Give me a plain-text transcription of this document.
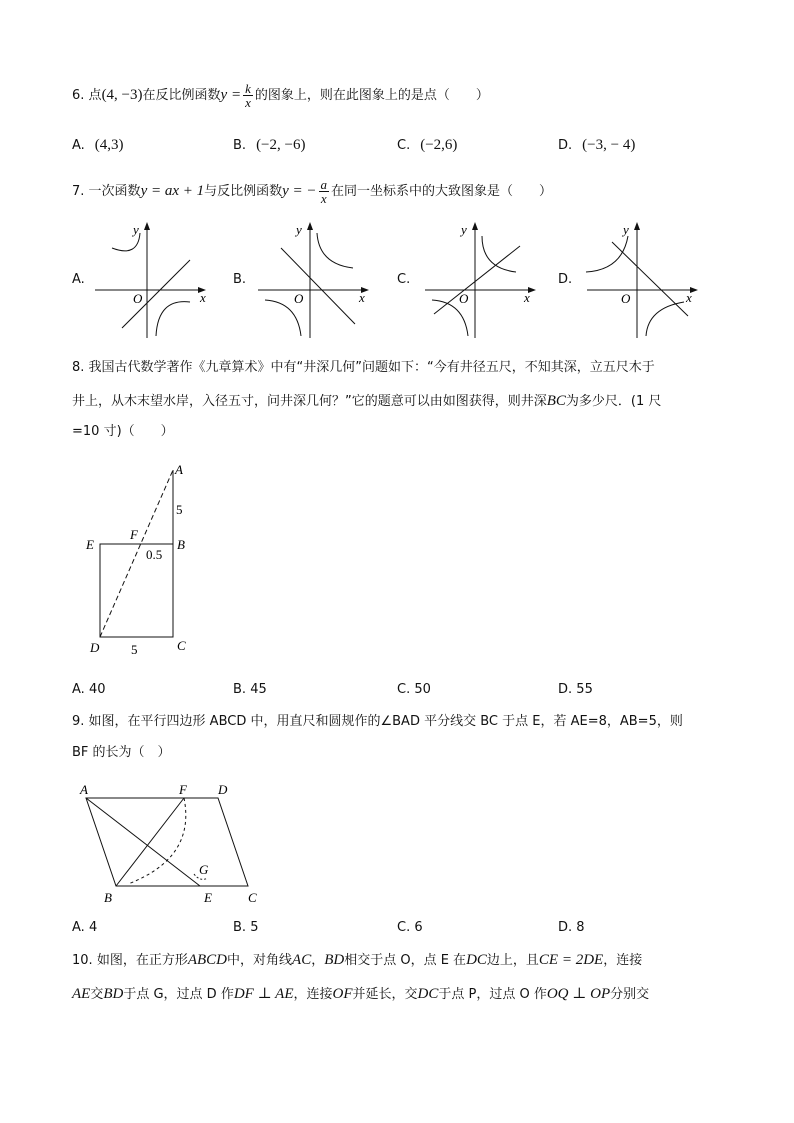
6. 点(4, −3)在反比例函数$y = \frac{k}{x}$ 的图象上，则在此图象上的是点（　　）
A. (4,3)	B. (−2, −6)	C. (−2,6)	D. (−3, − 4)
7. 一次函数y = ax + 1与反比例函数y = − $\frac{a}{x}$ 在同一坐标系中的大致图象是（　　）
A.	B.	C.	D.
x
y
O	x
y
O	x
y
O	x
y
O
8. 我国古代数学著作《九章算术》中有“井深几何”问题如下：“今有井径五尺，不知其深，立五尺木于
井上，从木末望水岸，入径五寸，问井深几何？”它的题意可以由如图获得，则井深BC为多少尺．(1 尺
=10 寸)（　　）
A
B
C
D
E
F
5
0.5
5
A. 40	B. 45	C. 50	D. 55
9. 如图，在平行四边形 ABCD 中，用直尺和圆规作的∠BAD 平分线交 BC 于点 E，若 AE=8，AB=5，则
BF 的长为（　）
A	D
F
B	E	C
G
A. 4	B. 5	C. 6	D. 8
10. 如图，在正方形ABCD中，对角线AC，BD相交于点 O，点 E 在DC边上，且CE = 2DE，连接
AE交BD于点 G，过点 D 作DF ⊥ AE，连接OF并延长，交DC于点 P，过点 O 作OQ ⊥ OP分别交
